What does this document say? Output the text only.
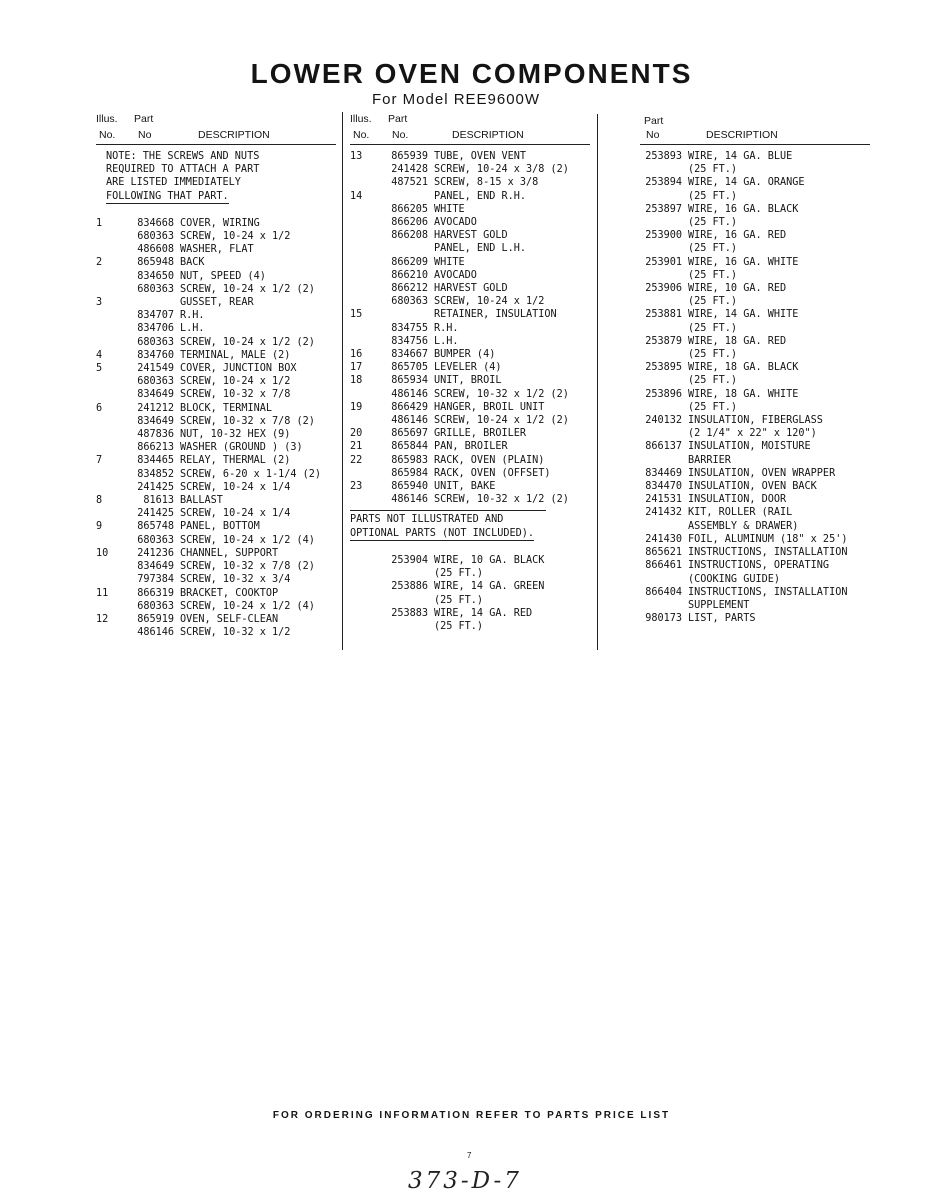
LOWER OVEN COMPONENTS
For Model REE9600W
Illus. Part
No. No	DESCRIPTION
NOTE: THE SCREWS AND NUTS
REQUIRED TO ATTACH A PART
ARE LISTED IMMEDIATELY
FOLLOWING THAT PART.
1	834668 COVER, WIRING
680363 SCREW, 10-24 x 1/2
486608 WASHER, FLAT
2	865948 BACK
834650 NUT, SPEED (4)
680363 SCREW, 10-24 x 1/2 (2)
3	GUSSET, REAR
834707 R.H.
834706 L.H.
680363 SCREW, 10-24 x 1/2 (2)
4	834760 TERMINAL, MALE (2)
5	241549 COVER, JUNCTION BOX
680363 SCREW, 10-24 x 1/2
834649 SCREW, 10-32 x 7/8
6	241212 BLOCK, TERMINAL
834649 SCREW, 10-32 x 7/8 (2)
487836 NUT, 10-32 HEX (9)
866213 WASHER (GROUND ) (3)
7	834465 RELAY, THERMAL (2)
834852 SCREW, 6-20 x 1-1/4 (2)
241425 SCREW, 10-24 x 1/4
8	81613 BALLAST
241425 SCREW, 10-24 x 1/4
9	865748 PANEL, BOTTOM
680363 SCREW, 10-24 x 1/2 (4)
10	241236 CHANNEL, SUPPORT
834649 SCREW, 10-32 x 7/8 (2)
797384 SCREW, 10-32 x 3/4
11	866319 BRACKET, COOKTOP
680363 SCREW, 10-24 x 1/2 (4)
12	865919 OVEN, SELF-CLEAN
486146 SCREW, 10-32 x 1/2
Illus. Part
No. No.	DESCRIPTION
13	865939 TUBE, OVEN VENT
241428 SCREW, 10-24 x 3/8 (2)
487521 SCREW, 8-15 x 3/8
14	PANEL, END R.H.
866205 WHITE
866206 AVOCADO
866208 HARVEST GOLD
PANEL, END L.H.
866209 WHITE
866210 AVOCADO
866212 HARVEST GOLD
680363 SCREW, 10-24 x 1/2
15	RETAINER, INSULATION
834755 R.H.
834756 L.H.
16	834667 BUMPER (4)
17	865705 LEVELER (4)
18	865934 UNIT, BROIL
486146 SCREW, 10-32 x 1/2 (2)
19	866429 HANGER, BROIL UNIT
486146 SCREW, 10-24 x 1/2 (2)
20	865697 GRILLE, BROILER
21	865844 PAN, BROILER
22	865983 RACK, OVEN (PLAIN)
865984 RACK, OVEN (OFFSET)
23	865940 UNIT, BAKE
486146 SCREW, 10-32 x 1/2 (2)
PARTS NOT ILLUSTRATED AND
OPTIONAL PARTS (NOT INCLUDED).
253904 WIRE, 10 GA. BLACK
(25 FT.)
253886 WIRE, 14 GA. GREEN
(25 FT.)
253883 WIRE, 14 GA. RED
(25 FT.)
Part
No	DESCRIPTION
253893 WIRE, 14 GA. BLUE
(25 FT.)
253894 WIRE, 14 GA. ORANGE
(25 FT.)
253897 WIRE, 16 GA. BLACK
(25 FT.)
253900 WIRE, 16 GA. RED
(25 FT.)
253901 WIRE, 16 GA. WHITE
(25 FT.)
253906 WIRE, 10 GA. RED
(25 FT.)
253881 WIRE, 14 GA. WHITE
(25 FT.)
253879 WIRE, 18 GA. RED
(25 FT.)
253895 WIRE, 18 GA. BLACK
(25 FT.)
253896 WIRE, 18 GA. WHITE
(25 FT.)
240132 INSULATION, FIBERGLASS
(2 1/4" x 22" x 120")
866137 INSULATION, MOISTURE
BARRIER
834469 INSULATION, OVEN WRAPPER
834470 INSULATION, OVEN BACK
241531 INSULATION, DOOR
241432 KIT, ROLLER (RAIL
ASSEMBLY & DRAWER)
241430 FOIL, ALUMINUM (18" x 25')
865621 INSTRUCTIONS, INSTALLATION
866461 INSTRUCTIONS, OPERATING
(COOKING GUIDE)
866404 INSTRUCTIONS, INSTALLATION
SUPPLEMENT
980173 LIST, PARTS
FOR ORDERING INFORMATION REFER TO PARTS PRICE LIST
7
373-D-7
